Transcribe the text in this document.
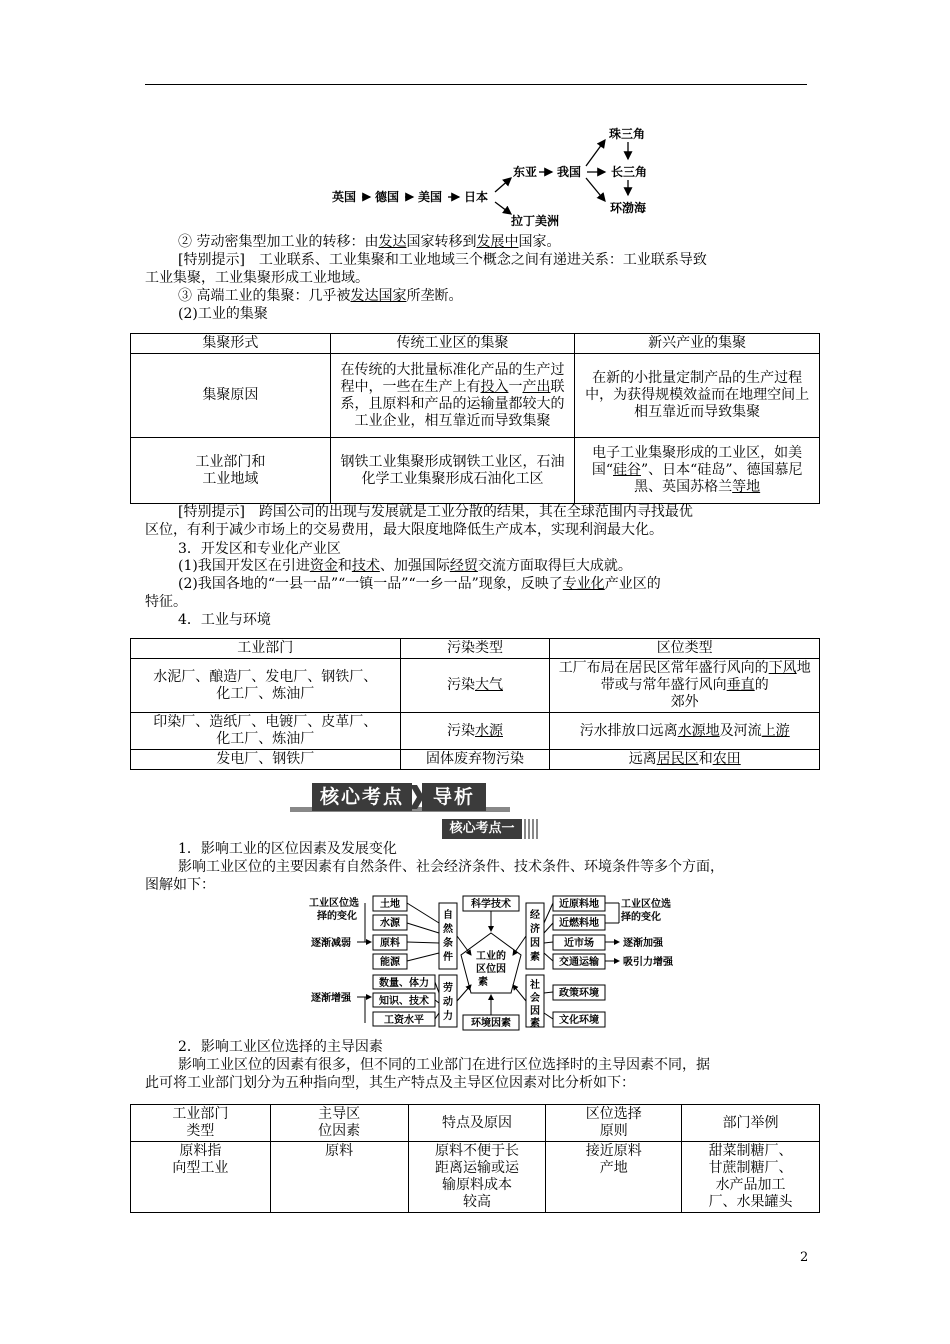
英国 德国 美国 日本
东亚
拉丁美洲
我国
珠三角
长三角
环渤海
② 劳动密集型加工业的转移：由发达国家转移到发展中国家。
[特别提示]　工业联系、工业集聚和工业地域三个概念之间有递进关系：工业联系导致
工业集聚，工业集聚形成工业地域。
③ 高端工业的集聚：几乎被发达国家所垄断。
(2)工业的集聚
集聚形式	传统工业区的集聚	新兴产业的集聚
集聚原因	在传统的大批量标准化产品的生产过程中，一些在生产上有投入一产出联系，且原料和产品的运输量都较大的工业企业，相互靠近而导致集聚	在新的小批量定制产品的生产过程中，为获得规模效益而在地理空间上相互靠近而导致集聚
工业部门和
工业地域	钢铁工业集聚形成钢铁工业区，石油化学工业集聚形成石油化工区	电子工业集聚形成的工业区，如美国“硅谷”、日本“硅岛”、德国慕尼黑、英国苏格兰等地
[特别提示]　跨国公司的出现与发展就是工业分散的结果，其在全球范围内寻找最优
区位，有利于减少市场上的交易费用，最大限度地降低生产成本，实现利润最大化。
3．开发区和专业化产业区
(1)我国开发区在引进资金和技术、加强国际经贸交流方面取得巨大成就。
(2)我国各地的“一县一品”“一镇一品”“一乡一品”现象，反映了专业化产业区的
特征。
4．工业与环境
工业部门	污染类型	区位类型
水泥厂、酿造厂、发电厂、钢铁厂、
化工厂、炼油厂	污染大气	工厂布局在居民区常年盛行风向的下风地带或与常年盛行风向垂直的
郊外
印染厂、造纸厂、电镀厂、皮革厂、
化工厂、炼油厂	污染水源	污水排放口远离水源地及河流上游
发电厂、钢铁厂	固体废弃物污染	远离居民区和农田
核心考点	导析
核心考点一
1．影响工业的区位因素及发展变化
影响工业区位的主要因素有自然条件、社会经济条件、技术条件、环境条件等多个方面，
图解如下：
工业区位选
择的变化
逐渐减弱
逐渐增强
土地
水源
原料
能源
数量、体力
知识、技术
工资水平
科学技术
工业的
区位因
素
环境因素
近原料地
近燃料地
近市场
交通运输
政策环境
文化环境
自
然
条
件
劳
动
力
经
济
因
素
社
会
因
素
工业区位选
择的变化
逐渐加强
吸引力增强
2．影响工业区位选择的主导因素
影响工业区位的因素有很多，但不同的工业部门在进行区位选择时的主导因素不同，据
此可将工业部门划分为五种指向型，其生产特点及主导区位因素对比分析如下：
工业部门
类型	主导区
位因素	特点及原因	区位选择
原则	部门举例
原料指
向型工业	原料	原料不便于长
距离运输或运
输原料成本
较高	接近原料
产地	甜菜制糖厂、
甘蔗制糖厂、
水产品加工
厂、水果罐头
2
